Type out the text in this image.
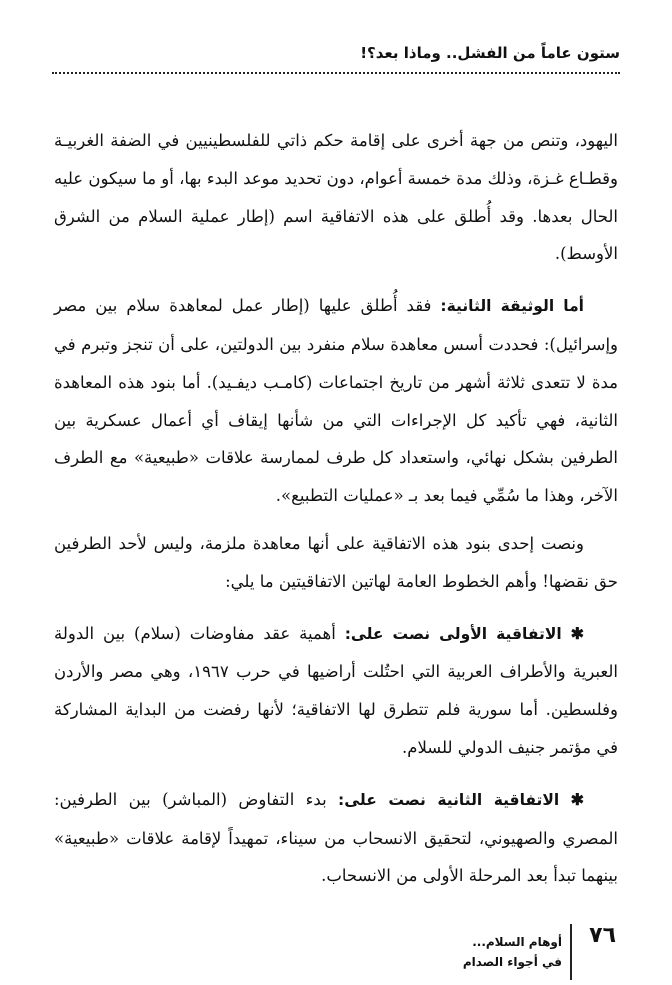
ستون عاماً من الفشل.. وماذا بعد؟!

اليهود، وتنص من جهة أخرى على إقامة حكم ذاتي للفلسطينيين في الضفة الغربيـة وقطـاع غـزة، وذلك مدة خمسة أعوام، دون تحديد موعد البدء بها، أو ما سيكون عليه الحال بعدها. وقد أُطلق على هذه الاتفاقية اسم (إطار عملية السلام من الشرق الأوسط).

أما الوثيقة الثانية: فقد أُطلق عليها (إطار عمل لمعاهدة سلام بين مصر وإسرائيل): فحددت أسس معاهدة سلام منفرد بين الدولتين، على أن تنجز وتبرم في مدة لا تتعدى ثلاثة أشهر من تاريخ اجتماعات (كامـب ديفـيد). أما بنود هذه المعاهدة الثانية، فهي تأكيد كل الإجراءات التي من شأنها إيقاف أي أعمال عسكرية بين الطرفين بشكل نهائي، واستعداد كل طرف لممارسة علاقات «طبيعية» مع الطرف الآخر، وهذا ما سُمِّي فيما بعد بـ «عمليات التطبيع».

ونصت إحدى بنود هذه الاتفاقية على أنها معاهدة ملزمة، وليس لأحد الطرفين حق نقضها! وأهم الخطوط العامة لهاتين الاتفاقيتين ما يلي:

✱ الاتفاقية الأولى نصت على: أهمية عقد مفاوضات (سلام) بين الدولة العبرية والأطراف العربية التي احتُلت أراضيها في حرب ١٩٦٧، وهي مصر والأردن وفلسطين. أما سورية فلم تتطرق لها الاتفاقية؛ لأنها رفضت من البداية المشاركة في مؤتمر جنيف الدولي للسلام.

✱ الاتفاقية الثانية نصت على: بدء التفاوض (المباشر) بين الطرفين: المصري والصهيوني، لتحقيق الانسحاب من سيناء، تمهيداً لإقامة علاقات «طبيعية» بينهما تبدأ بعد المرحلة الأولى من الانسحاب.

٧٦
أوهام السلام...
في أجواء الصدام
